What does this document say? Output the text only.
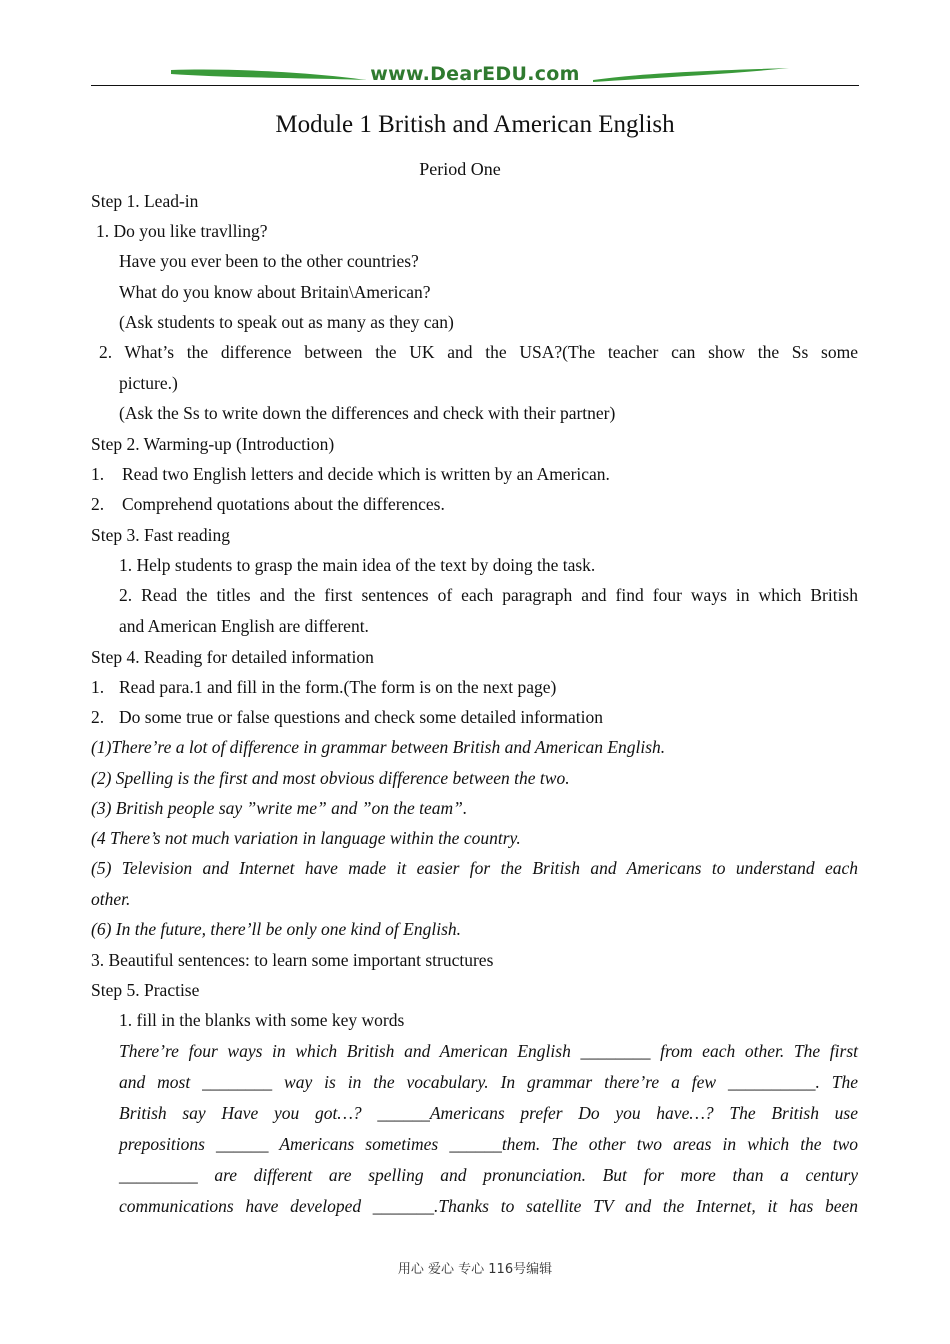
www.DearEDU.com
Module 1 British and American English
Period One
Step 1. Lead-in
1. Do you like travlling?
Have you ever been to the other countries?
What do you know about Britain\American?
(Ask students to speak out as many as they can)
2. What’s the difference between the UK and the USA?(The teacher can show the Ss some
picture.)
(Ask the Ss to write down the differences and check with their partner)
Step 2. Warming-up (Introduction)
1. Read two English letters and decide which is written by an American.
2. Comprehend quotations about the differences.
Step 3. Fast reading
1. Help students to grasp the main idea of the text by doing the task.
2. Read the titles and the first sentences of each paragraph and find four ways in which British
and American English are different.
Step 4. Reading for detailed information
1. Read para.1 and fill in the form.(The form is on the next page)
2. Do some true or false questions and check some detailed information
(1)There’re a lot of difference in grammar between British and American English.
(2) Spelling is the first and most obvious difference between the two.
(3) British people say ”write me” and ”on the team”.
(4 There’s not much variation in language within the country.
(5) Television and Internet have made it easier for the British and Americans to understand each
other.
(6) In the future, there’ll be only one kind of English.
3. Beautiful sentences: to learn some important structures
Step 5. Practise
1. fill in the blanks with some key words
There’re four ways in which British and American English ________ from each other. The first
and most ________ way is in the vocabulary. In grammar there’re a few __________. The
British say Have you got…? ______Americans prefer Do you have…? The British use
prepositions ______ Americans sometimes ______them. The other two areas in which the two
_________ are different are spelling and pronunciation. But for more than a century
communications have developed _______.Thanks to satellite TV and the Internet, it has been
用心 爱心 专心 116号编辑
